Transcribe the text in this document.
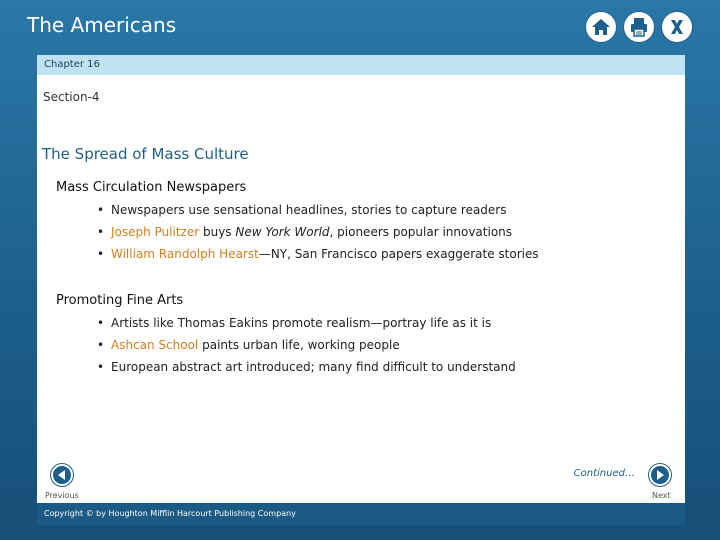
The Americans
Chapter 16
Section-4
The Spread of Mass Culture
Mass Circulation Newspapers
• Newspapers use sensational headlines, stories to capture readers
• Joseph Pulitzer buys New York World, pioneers popular innovations
• William Randolph Hearst—NY, San Francisco papers exaggerate stories
Promoting Fine Arts
• Artists like Thomas Eakins promote realism—portray life as it is
• Ashcan School paints urban life, working people
• European abstract art introduced; many find difficult to understand
Continued…
Previous	Next
Copyright © by Houghton Mifflin Harcourt Publishing Company
